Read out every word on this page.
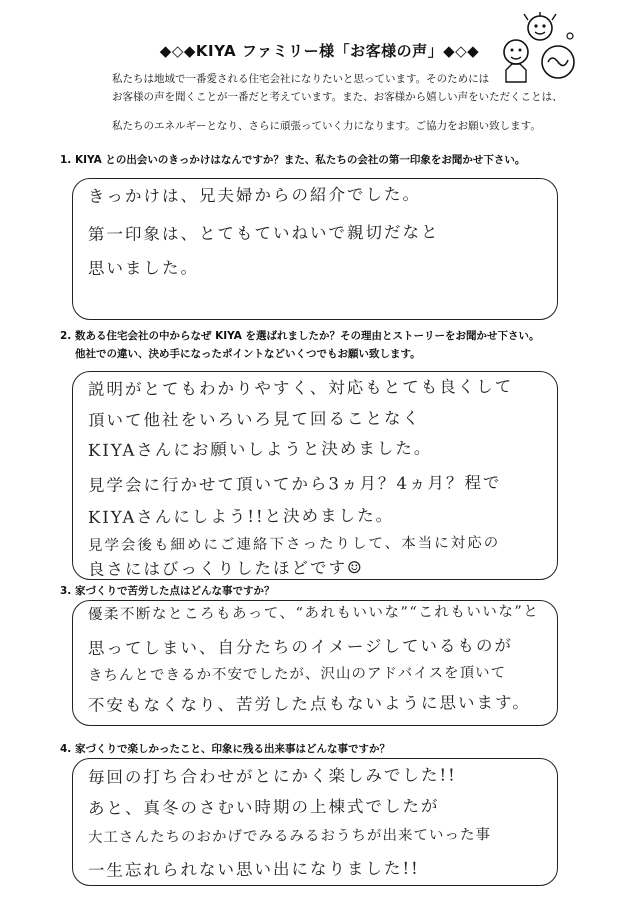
◆◇◆KIYA ファミリー様「お客様の声」◆◇◆
私たちは地域で一番愛される住宅会社になりたいと思っています。そのためには
お客様の声を聞くことが一番だと考えています。また、お客様から嬉しい声をいただくことは、
私たちのエネルギーとなり、さらに頑張っていく力になります。ご協力をお願い致します。
1. KIYA との出会いのきっかけはなんですか？また、私たちの会社の第一印象をお聞かせ下さい。
きっかけは、兄夫婦からの紹介でした。
第一印象は、とてもていねいで親切だなと
思いました。
2. 数ある住宅会社の中からなぜ KIYA を選ばれましたか？その理由とストーリーをお聞かせ下さい。
他社での違い、決め手になったポイントなどいくつでもお願い致します。
説明がとてもわかりやすく、対応もとても良くして
頂いて他社をいろいろ見て回ることなく
KIYAさんにお願いしようと決めました。
見学会に行かせて頂いてから3ヵ月？4ヵ月？程で
KIYAさんにしよう!!と決めました。
見学会後も細めにご連絡下さったりして、本当に対応の
良さにはびっくりしたほどです☺
3. 家づくりで苦労した点はどんな事ですか？
優柔不断なところもあって、“あれもいいな”“これもいいな”と
思ってしまい、自分たちのイメージしているものが
きちんとできるか不安でしたが、沢山のアドバイスを頂いて
不安もなくなり、苦労した点もないように思います。
4. 家づくりで楽しかったこと、印象に残る出来事はどんな事ですか？
毎回の打ち合わせがとにかく楽しみでした!!
あと、真冬のさむい時期の上棟式でしたが
大工さんたちのおかげでみるみるおうちが出来ていった事
一生忘れられない思い出になりました!!
